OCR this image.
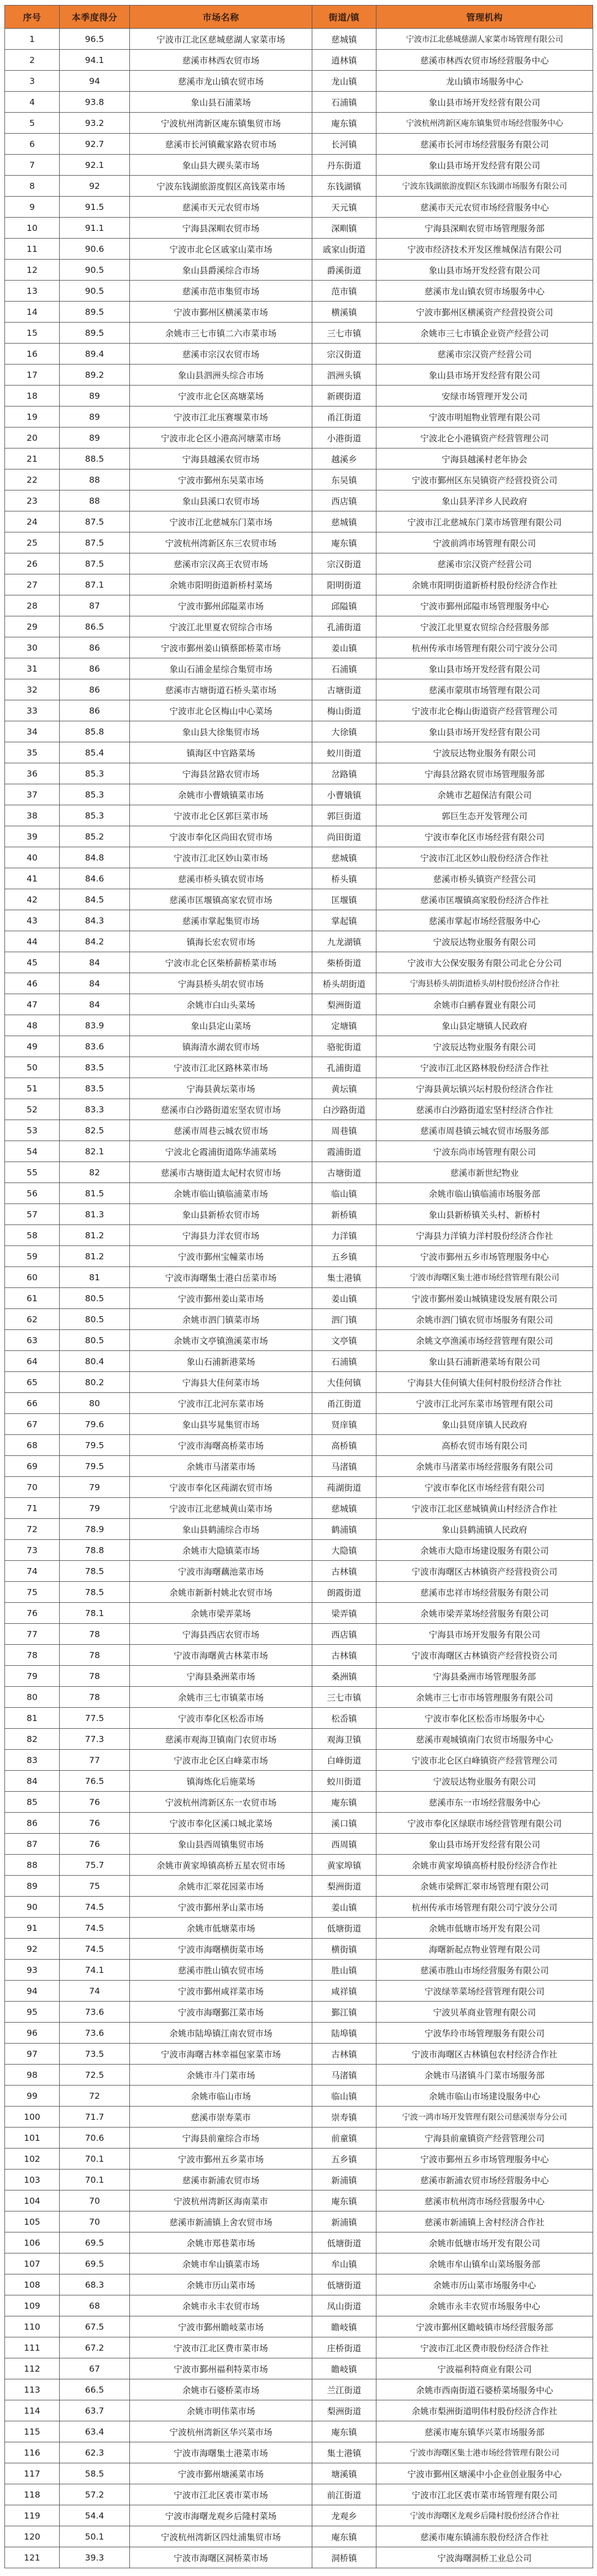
序号	本季度得分	市场名称	街道/镇	管理机构
1	96.5	宁波市江北区慈城慈湖人家菜市场	慈城镇	宁波市江北慈城慈湖人家菜市场管理有限公司
2	94.1	慈溪市林西农贸市场	逍林镇	慈溪市林西农贸市场经营服务中心
3	94	慈溪市龙山镇农贸市场	龙山镇	龙山镇市场服务中心
4	93.8	象山县石浦菜场	石浦镇	象山县市场开发经营有限公司
5	93.2	宁波杭州湾新区庵东镇集贸市场	庵东镇	宁波杭州湾新区庵东镇集贸市场经营服务中心
6	92.7	慈溪市长河镇戴家路农贸市场	长河镇	慈溪市长河市场经营服务有限公司
7	92.1	象山县大碶头菜市场	丹东街道	象山县市场开发经营有限公司
8	92	宁波东钱湖旅游度假区高钱菜市场	东钱湖镇	宁波东钱湖旅游度假区东钱湖市场服务有限公司
9	91.5	慈溪市天元农贸市场	天元镇	慈溪市天元农贸市场经营服务中心
10	91.1	宁海县深甽农贸市场	深甽镇	宁海县深甽农贸市场管理服务部
11	90.6	宁波市北仑区戚家山菜市场	戚家山街道	宁波市经济技术开发区维城保洁有限公司
12	90.5	象山县爵溪综合市场	爵溪街道	象山县市场开发经营有限公司
13	90.5	慈溪市范市集贸市场	范市镇	慈溪市龙山镇农贸市场服务中心
14	89.5	宁波市鄞州区横溪菜市场	横溪镇	宁波市鄞州区横溪资产经营投资公司
15	89.5	余姚市三七市镇二六市菜市场	三七市镇	余姚市三七市镇企业资产经营公司
16	89.4	慈溪市宗汉农贸市场	宗汉街道	慈溪市宗汉资产经营公司
17	89.2	象山县泗洲头综合市场	泗洲头镇	象山县市场开发经营有限公司
18	89	宁波市北仑区高塘菜场	新碶街道	安绿市场管理开发公司
19	89	宁波市江北压赛堰菜市场	甬江街道	宁波市明旭物业管理有限公司
20	89	宁波市北仑区小港高河塘菜市场	小港街道	宁波北仑小港镇资产经营管理公司
21	88.5	宁海县越溪农贸市场	越溪乡	宁海县越溪村老年协会
22	88	宁波市鄞州东吴菜市场	东吴镇	宁波市鄞州区东吴镇资产经营投资公司
23	88	象山县溪口农贸市场	西店镇	象山县茅洋乡人民政府
24	87.5	宁波市江北慈城东门菜市场	慈城镇	宁波市江北慈城东门菜市场管理有限公司
25	87.5	宁波杭州湾新区东三农贸市场	庵东镇	宁波前鸿市场管理有限公司
26	87.5	慈溪市宗汉高王农贸市场	宗汉街道	慈溪市宗汉资产经营公司
27	87.1	余姚市阳明街道新桥村菜场	阳明街道	余姚市阳明街道新桥村股份经济合作社
28	87	宁波市鄞州邱隘菜市场	邱隘镇	宁波市鄞州邱隘市场管理服务中心
29	86.5	宁波江北里夏农贸综合市场	孔浦街道	宁波江北里夏农贸综合经营服务部
30	86	宁波市鄞州姜山镇蔡郎桥菜市场	姜山镇	杭州传承市场管理有限公司宁波分公司
31	86	象山石浦金星综合集贸市场	石浦镇	象山县市场开发经营有限公司
32	86	慈溪市古塘街道石桥头菜市场	古塘街道	慈溪市蒙琪市场管理有限公司
33	86	宁波市北仑区梅山中心菜场	梅山街道	宁波市北仑梅山街道资产经营管理公司
34	85.8	象山县大徐集贸市场	大徐镇	象山县市场开发经营有限公司
35	85.4	镇海区中官路菜场	蛟川街道	宁波辰达物业服务有限公司
36	85.3	宁海县岔路农贸市场	岔路镇	宁海县岔路农贸市场管理服务部
37	85.3	余姚市小曹娥镇菜市场	小曹娥镇	余姚市艺超保洁有限公司
38	85.3	宁波市北仑区郭巨菜市场	郭巨街道	郭巨生态开发管理公司
39	85.2	宁波市奉化区尚田农贸市场	尚田街道	宁波市奉化区市场经营有限公司
40	84.8	宁波市江北区妙山菜市场	慈城镇	宁波市江北区妙山股份经济合作社
41	84.6	慈溪市桥头镇农贸市场	桥头镇	慈溪市桥头镇资产经营公司
42	84.5	慈溪市匡堰镇高家农贸市场	匡堰镇	慈溪市匡堰镇高家股份经济合作社
43	84.3	慈溪市掌起集贸市场	掌起镇	慈溪市掌起市场经营服务中心
44	84.2	镇海长宏农贸市场	九龙湖镇	宁波辰达物业服务有限公司
45	84	宁波市北仑区柴桥薪桥菜市场	柴桥街道	宁波市大公保安服务有限公司北仑分公司
46	84	宁海县桥头胡农贸市场	桥头胡街道	宁海县桥头胡街道桥头胡村股份经济合作社
47	84	余姚市白山头菜场	梨洲街道	余姚市白鹂春置业有限公司
48	83.9	象山县定山菜场	定塘镇	象山县定塘镇人民政府
49	83.6	镇海清水湖农贸市场	骆驼街道	宁波辰达物业服务有限公司
50	83.5	宁波市江北区路林菜市场	孔浦街道	宁波市江北区路林股份经济合作社
51	83.5	宁海县黄坛菜市场	黄坛镇	宁海县黄坛镇兴坛村股份经济合作社
52	83.3	慈溪市白沙路街道宏坚农贸市场	白沙路街道	慈溪市白沙路街道宏坚村经济合作社
53	82.5	慈溪市周巷云城农贸市场	周巷镇	慈溪市周巷镇云城农贸市场服务部
54	82.1	宁波北仑霞浦街道陈华浦菜场	霞浦街道	宁波东尚市场管理有限公司
55	82	慈溪市古塘街道太屺村农贸市场	古塘街道	慈溪市新世纪物业
56	81.5	余姚市临山镇临浦菜市场	临山镇	余姚市临山镇临浦市场服务部
57	81.3	象山县新桥农贸市场	新桥镇	象山县新桥镇关头村、新桥村
58	81.2	宁海县力洋农贸市场	力洋镇	宁海县力洋镇力洋村股份经济合作社
59	81.2	宁波市鄞州宝幢菜市场	五乡镇	宁波市鄞州五乡市场管理服务中心
60	81	宁波市海曙集士港白岳菜市场	集士港镇	宁波市海曙区集士港市场经营管理有限公司
61	80.5	宁波市鄞州姜山菜市场	姜山镇	宁波市鄞州姜山城镇建设发展有限公司
62	80.5	余姚市泗门镇菜市场	泗门镇	余姚市泗门镇农贸市场服务有限公司
63	80.5	余姚市文亭镇渔溪菜市场	文亭镇	余姚文亭渔溪市场经营管理有限公司
64	80.4	象山石浦新港菜场	石浦镇	象山县石浦新港菜场有限公司
65	80.2	宁海县大佳何菜市场	大佳何镇	宁海县大佳何镇大佳何村股份经济合作社
66	80	宁波市江北河东菜市场	甬江街道	宁波市江北河东菜市场管理有限公司
67	79.6	象山县岑晁集贸市场	贤庠镇	象山县贤庠镇人民政府
68	79.5	宁波市海曙高桥菜市场	高桥镇	高桥农贸市场有限公司
69	79.5	余姚市马渚菜市场	马渚镇	余姚市马渚菜市场经营服务有限公司
70	79	宁波市奉化区莼湖农贸市场	莼湖街道	宁波市奉化区市场经营有限公司
71	79	宁波市江北慈城黄山菜市场	慈城镇	宁波市江北区慈城镇黄山村经济合作社
72	78.9	象山县鹤浦综合市场	鹤浦镇	象山县鹤浦镇人民政府
73	78.8	余姚市大隐镇菜市场	大隐镇	余姚市大隐市场建设服务有限公司
74	78.5	宁波市海曙藕池菜市场	古林镇	宁波市海曙区古林镇资产经营投资公司
75	78.5	余姚市新新村姚北农贸市场	朗霞街道	慈溪市忠祥市场经营服务有限公司
76	78.1	余姚市梁弄菜场	梁弄镇	余姚市梁弄菜场经营服务有限公司
77	78	宁海县西店农贸市场	西店镇	宁海县市场开发服务有限公司
78	78	宁波市海曙黄古林菜市场	古林镇	宁波市海曙区古林镇资产经营投资公司
79	78	宁海县桑洲菜市场	桑洲镇	宁海县桑洲市场管理服务部
80	78	余姚市三七市镇菜市场	三七市镇	余姚市三七市市场管理服务有限公司
81	77.5	宁波市奉化区松岙市场	松岙镇	宁波市奉化区松岙市场服务中心
82	77.3	慈溪市观海卫镇南门农贸市场	观海卫镇	慈溪市观城镇南门农贸市场服务中心
83	77	宁波市北仑区白峰菜市场	白峰街道	宁波市北仑区白峰镇资产经营管理公司
84	76.5	镇海炼化后施菜场	蛟川街道	宁波辰达物业服务有限公司
85	76	宁波杭州湾新区东一农贸市场	庵东镇	慈溪市东一市场经营服务中心
86	76	宁波市奉化区溪口城北菜场	溪口镇	宁波市奉化区绿联市场经营管理有限公司
87	76	象山县西周镇集贸市场	西周镇	象山县市场开发经营有限公司
88	75.7	余姚市黄家埠镇高桥五星农贸市场	黄家埠镇	余姚市黄家埠镇高桥村股份经济合作社
89	75	余姚市汇翠花园菜市场	梨洲街道	余姚市梁辉汇翠市场管理有限公司
90	74.5	宁波市鄞州茅山菜市场	姜山镇	杭州传承市场管理有限公司宁波分公司
91	74.5	余姚市低塘菜市场	低塘街道	余姚市低塘市场开发有限公司
92	74.5	宁波市海曙横街菜市场	横街镇	海曙新起点物业管理有限公司
93	74.1	慈溪市胜山镇农贸市场	胜山镇	慈溪市胜山市场经营服务有限公司
94	74	宁波市鄞州咸祥菜市场	咸祥镇	宁波绿莘菜场经营管理有限公司
95	73.6	宁波市海曙鄞江菜市场	鄞江镇	宁波贝革商业管理有限公司
96	73.6	余姚市陆埠镇江南农贸市场	陆埠镇	宁波华玲市场管理服务有限公司
97	73.5	宁波市海曙古林幸福包家菜市场	古林镇	宁波市海曙区古林镇包农村经济合作社
98	72.5	余姚市斗门菜市场	马渚镇	余姚市马渚镇斗门菜市场服务部
99	72	余姚市临山市场	临山镇	余姚市临山市场建设服务中心
100	71.7	慈溪市崇寿菜市	崇寿镇	宁波一鸿市场开发管理有限公司慈溪崇寿分公司
101	70.6	宁海县前童综合市场	前童镇	宁海县前童镇资产经营管理公司
102	70.1	宁波市鄞州五乡菜市场	五乡镇	宁波市鄞州五乡市场管理服务中心
103	70.1	慈溪市新浦农贸市场	新浦镇	慈溪市新浦农贸市场经营服务中心
104	70	宁波杭州湾新区海南菜市	庵东镇	慈溪市杭州湾市场经营服务中心
105	70	慈溪市新浦镇上舍农贸市场	新浦镇	慈溪市新浦镇上舍村经济合作社
106	69.5	余姚市郑巷菜市场	低塘街道	余姚市低塘市场开发有限公司
107	69.5	余姚市牟山镇菜市场	牟山镇	余姚市牟山镇牟山菜场服务部
108	68.3	余姚市历山菜市场	低塘街道	余姚市历山菜市场服务中心
109	68	余姚市永丰农贸市场	凤山街道	余姚市永丰农贸市场服务中心
110	67.5	宁波市鄞州瞻岐菜市场	瞻岐镇	宁波市鄞州区瞻岐镇市场经营服务部
111	67.2	宁波市江北区费市菜市场	庄桥街道	宁波市江北区费市股份经济合作社
112	67	宁波市鄞州福利特菜市场	瞻岐镇	宁波福利特商业有限公司
113	66.5	余姚市石婆桥菜市场	兰江街道	余姚市西南街道石婆桥菜场服务中心
114	63.7	余姚市明伟菜市场	梨洲街道	余姚市梨洲街道明伟村股份经济合作社
115	63.4	宁波杭州湾新区华兴菜市场	庵东镇	慈溪市庵东镇华兴菜市场服务部
116	62.3	宁波市海曙集士港菜市场	集士港镇	宁波市海曙区集士港市场经营管理有限公司
117	58.5	宁波市鄞州塘溪菜市场	塘溪镇	宁波市鄞州区塘溪中小企业创业服务中心
118	57.2	宁波市江北区裘市菜市场	前江街道	宁波市江北区裘市菜市场管理有限公司
119	54.4	宁波市海曙龙观乡后隆村菜场	龙观乡	宁波市海曙区龙观乡后隆村股份经济合作社
120	50.1	宁波杭州湾新区四灶浦集贸市场	庵东镇	慈溪市庵东镇浦东股份经济合作社
121	39.3	宁波市海曙区洞桥菜市场	洞桥镇	宁波海曙洞桥工业总公司
